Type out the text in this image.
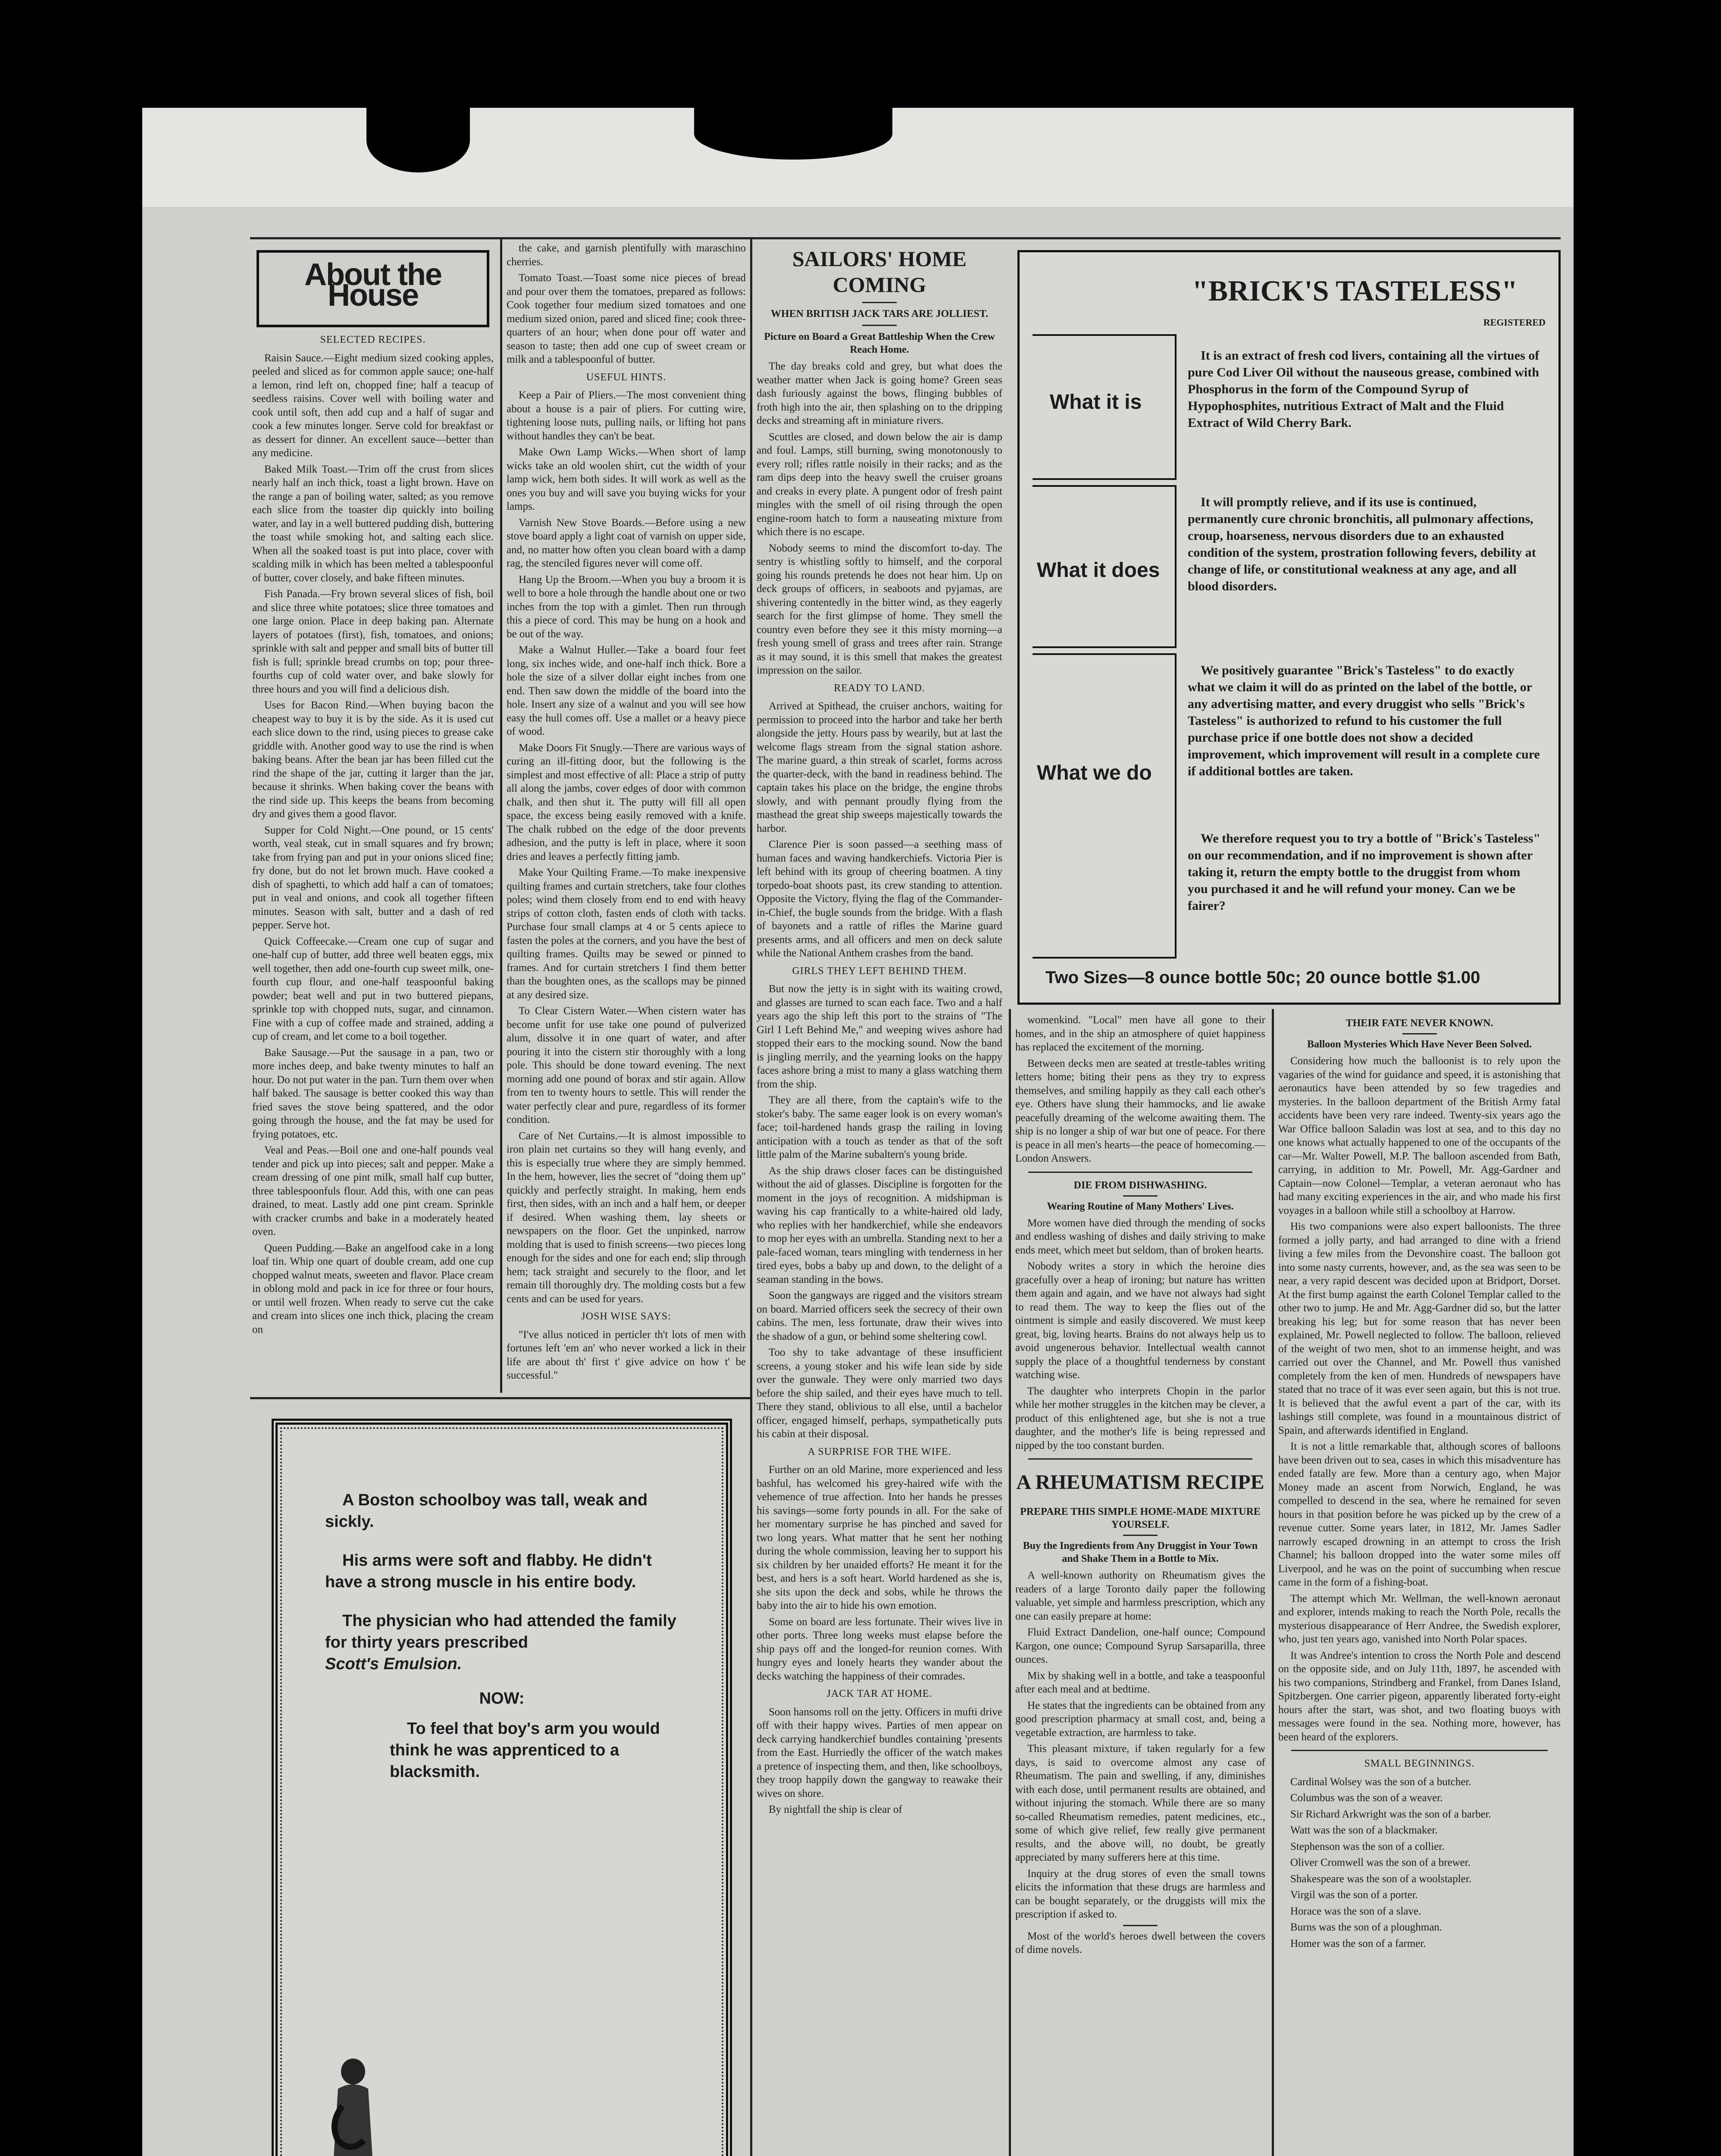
About the House
SELECTED RECIPES.

Raisin Sauce.—Eight medium sized cooking apples, peeled and sliced as for common apple sauce; one-half a lemon, rind left on, chopped fine; half a teacup of seedless raisins. Cover well with boiling water and cook until soft, then add cup and a half of sugar and cook a few minutes longer. Serve cold for breakfast or as dessert for dinner. An excellent sauce—better than any medicine.

Baked Milk Toast.—Trim off the crust from slices nearly half an inch thick, toast a light brown. Have on the range a pan of boiling water, salted; as you remove each slice from the toaster dip quickly into boiling water, and lay in a well buttered pudding dish, buttering the toast while smoking hot, and salting each slice. When all the soaked toast is put into place, cover with scalding milk in which has been melted a tablespoonful of butter, cover closely, and bake fifteen minutes.

Fish Panada.—Fry brown several slices of fish, boil and slice three white potatoes; slice three tomatoes and one large onion. Place in deep baking pan. Alternate layers of potatoes (first), fish, tomatoes, and onions; sprinkle with salt and pepper and small bits of butter till fish is full; sprinkle bread crumbs on top; pour three-fourths cup of cold water over, and bake slowly for three hours and you will find a delicious dish.

Uses for Bacon Rind.—When buying bacon the cheapest way to buy it is by the side. As it is used cut each slice down to the rind, using pieces to grease cake griddle with. Another good way to use the rind is when baking beans. After the bean jar has been filled cut the rind the shape of the jar, cutting it larger than the jar, because it shrinks. When baking cover the beans with the rind side up. This keeps the beans from becoming dry and gives them a good flavor.

Supper for Cold Night.—One pound, or 15 cents' worth, veal steak, cut in small squares and fry brown; take from frying pan and put in your onions sliced fine; fry done, but do not let brown much. Have cooked a dish of spaghetti, to which add half a can of tomatoes; put in veal and onions, and cook all together fifteen minutes. Season with salt, butter and a dash of red pepper. Serve hot.

Quick Coffeecake.—Cream one cup of sugar and one-half cup of butter, add three well beaten eggs, mix well together, then add one-fourth cup sweet milk, one-fourth cup flour, and one-half teaspoonful baking powder; beat well and put in two buttered piepans, sprinkle top with chopped nuts, sugar, and cinnamon. Fine with a cup of coffee made and strained, adding a cup of cream, and let come to a boil together.

Bake Sausage.—Put the sausage in a pan, two or more inches deep, and bake twenty minutes to half an hour. Do not put water in the pan. Turn them over when half baked. The sausage is better cooked this way than fried saves the stove being spattered, and the odor going through the house, and the fat may be used for frying potatoes, etc.

Veal and Peas.—Boil one and one-half pounds veal tender and pick up into pieces; salt and pepper. Make a cream dressing of one pint milk, small half cup butter, three tablespoonfuls flour. Add this, with one can peas drained, to meat. Lastly add one pint cream. Sprinkle with cracker crumbs and bake in a moderately heated oven.

Queen Pudding.—Bake an angelfood cake in a long loaf tin. Whip one quart of double cream, add one cup chopped walnut meats, sweeten and flavor. Place cream in oblong mold and pack in ice for three or four hours, or until well frozen. When ready to serve cut the cake and cream into slices one inch thick, placing the cream on

the cake, and garnish plentifully with maraschino cherries.

Tomato Toast.—Toast some nice pieces of bread and pour over them the tomatoes, prepared as follows: Cook together four medium sized tomatoes and one medium sized onion, pared and sliced fine; cook three-quarters of an hour; when done pour off water and season to taste; then add one cup of sweet cream or milk and a tablespoonful of butter.

USEFUL HINTS.

Keep a Pair of Pliers.—The most convenient thing about a house is a pair of pliers. For cutting wire, tightening loose nuts, pulling nails, or lifting hot pans without handles they can't be beat.

Make Own Lamp Wicks.—When short of lamp wicks take an old woolen shirt, cut the width of your lamp wick, hem both sides. It will work as well as the ones you buy and will save you buying wicks for your lamps.

Varnish New Stove Boards.—Before using a new stove board apply a light coat of varnish on upper side, and, no matter how often you clean board with a damp rag, the stenciled figures never will come off.

Hang Up the Broom.—When you buy a broom it is well to bore a hole through the handle about one or two inches from the top with a gimlet. Then run through this a piece of cord. This may be hung on a hook and be out of the way.

Make a Walnut Huller.—Take a board four feet long, six inches wide, and one-half inch thick. Bore a hole the size of a silver dollar eight inches from one end. Then saw down the middle of the board into the hole. Insert any size of a walnut and you will see how easy the hull comes off. Use a mallet or a heavy piece of wood.

Make Doors Fit Snugly.—There are various ways of curing an ill-fitting door, but the following is the simplest and most effective of all: Place a strip of putty all along the jambs, cover edges of door with common chalk, and then shut it. The putty will fill all open space, the excess being easily removed with a knife. The chalk rubbed on the edge of the door prevents adhesion, and the putty is left in place, where it soon dries and leaves a perfectly fitting jamb.

Make Your Quilting Frame.—To make inexpensive quilting frames and curtain stretchers, take four clothes poles; wind them closely from end to end with heavy strips of cotton cloth, fasten ends of cloth with tacks. Purchase four small clamps at 4 or 5 cents apiece to fasten the poles at the corners, and you have the best of quilting frames. Quilts may be sewed or pinned to frames. And for curtain stretchers I find them better than the boughten ones, as the scallops may be pinned at any desired size.

To Clear Cistern Water.—When cistern water has become unfit for use take one pound of pulverized alum, dissolve it in one quart of water, and after pouring it into the cistern stir thoroughly with a long pole. This should be done toward evening. The next morning add one pound of borax and stir again. Allow from ten to twenty hours to settle. This will render the water perfectly clear and pure, regardless of its former condition.

Care of Net Curtains.—It is almost impossible to iron plain net curtains so they will hang evenly, and this is especially true where they are simply hemmed. In the hem, however, lies the secret of "doing them up" quickly and perfectly straight. In making, hem ends first, then sides, with an inch and a half hem, or deeper if desired. When washing them, lay sheets or newspapers on the floor. Get the unpinked, narrow molding that is used to finish screens—two pieces long enough for the sides and one for each end; slip through hem; tack straight and securely to the floor, and let remain till thoroughly dry. The molding costs but a few cents and can be used for years.

JOSH WISE SAYS:

"I've allus noticed in perticler th't lots of men with fortunes left 'em an' who never worked a lick in their life are about th' first t' give advice on how t' be successful."

A Boston schoolboy was tall, weak and sickly.

His arms were soft and flabby. He didn't have a strong muscle in his entire body.

The physician who had attended the family for thirty years prescribed

Scott's Emulsion.

NOW:

To feel that boy's arm you would think he was apprenticed to a blacksmith.

SAILORS' HOME COMING
WHEN BRITISH JACK TARS ARE JOLLIEST.
Picture on Board a Great Battleship When the Crew Reach Home.

The day breaks cold and grey, but what does the weather matter when Jack is going home? Green seas dash furiously against the bows, flinging bubbles of froth high into the air, then splashing on to the dripping decks and streaming aft in miniature rivers.

Scuttles are closed, and down below the air is damp and foul. Lamps, still burning, swing monotonously to every roll; rifles rattle noisily in their racks; and as the ram dips deep into the heavy swell the cruiser groans and creaks in every plate. A pungent odor of fresh paint mingles with the smell of oil rising through the open engine-room hatch to form a nauseating mixture from which there is no escape.

Nobody seems to mind the discomfort to-day. The sentry is whistling softly to himself, and the corporal going his rounds pretends he does not hear him. Up on deck groups of officers, in seaboots and pyjamas, are shivering contentedly in the bitter wind, as they eagerly search for the first glimpse of home. They smell the country even before they see it this misty morning—a fresh young smell of grass and trees after rain. Strange as it may sound, it is this smell that makes the greatest impression on the sailor.

READY TO LAND.

Arrived at Spithead, the cruiser anchors, waiting for permission to proceed into the harbor and take her berth alongside the jetty. Hours pass by wearily, but at last the welcome flags stream from the signal station ashore. The marine guard, a thin streak of scarlet, forms across the quarter-deck, with the band in readiness behind. The captain takes his place on the bridge, the engine throbs slowly, and with pennant proudly flying from the masthead the great ship sweeps majestically towards the harbor.

Clarence Pier is soon passed—a seething mass of human faces and waving handkerchiefs. Victoria Pier is left behind with its group of cheering boatmen. A tiny torpedo-boat shoots past, its crew standing to attention. Opposite the Victory, flying the flag of the Commander-in-Chief, the bugle sounds from the bridge. With a flash of bayonets and a rattle of rifles the Marine guard presents arms, and all officers and men on deck salute while the National Anthem crashes from the band.

GIRLS THEY LEFT BEHIND THEM.

But now the jetty is in sight with its waiting crowd, and glasses are turned to scan each face. Two and a half years ago the ship left this port to the strains of "The Girl I Left Behind Me," and weeping wives ashore had stopped their ears to the mocking sound. Now the band is jingling merrily, and the yearning looks on the happy faces ashore bring a mist to many a glass watching them from the ship.

They are all there, from the captain's wife to the stoker's baby. The same eager look is on every woman's face; toil-hardened hands grasp the railing in loving anticipation with a touch as tender as that of the soft little palm of the Marine subaltern's young bride.

As the ship draws closer faces can be distinguished without the aid of glasses. Discipline is forgotten for the moment in the joys of recognition. A midshipman is waving his cap frantically to a white-haired old lady, who replies with her handkerchief, while she endeavors to mop her eyes with an umbrella. Standing next to her a pale-faced woman, tears mingling with tenderness in her tired eyes, bobs a baby up and down, to the delight of a seaman standing in the bows.

Soon the gangways are rigged and the visitors stream on board. Married officers seek the secrecy of their own cabins. The men, less fortunate, draw their wives into the shadow of a gun, or behind some sheltering cowl.

Too shy to take advantage of these insufficient screens, a young stoker and his wife lean side by side over the gunwale. They were only married two days before the ship sailed, and their eyes have much to tell. There they stand, oblivious to all else, until a bachelor officer, engaged himself, perhaps, sympathetically puts his cabin at their disposal.

A SURPRISE FOR THE WIFE.

Further on an old Marine, more experienced and less bashful, has welcomed his grey-haired wife with the vehemence of true affection. Into her hands he presses his savings—some forty pounds in all. For the sake of her momentary surprise he has pinched and saved for two long years. What matter that he sent her nothing during the whole commission, leaving her to support his six children by her unaided efforts? He meant it for the best, and hers is a soft heart. World hardened as she is, she sits upon the deck and sobs, while he throws the baby into the air to hide his own emotion.

Some on board are less fortunate. Their wives live in other ports. Three long weeks must elapse before the ship pays off and the longed-for reunion comes. With hungry eyes and lonely hearts they wander about the decks watching the happiness of their comrades.

JACK TAR AT HOME.

Soon hansoms roll on the jetty. Officers in mufti drive off with their happy wives. Parties of men appear on deck carrying handkerchief bundles containing 'presents from the East. Hurriedly the officer of the watch makes a pretence of inspecting them, and then, like schoolboys, they troop happily down the gangway to reawake their wives on shore.

By nightfall the ship is clear of

"BRICK'S TASTELESS"
REGISTERED
What it is
It is an extract of fresh cod livers, containing all the virtues of pure Cod Liver Oil without the nauseous grease, combined with Phosphorus in the form of the Compound Syrup of Hypophosphites, nutritious Extract of Malt and the Fluid Extract of Wild Cherry Bark.
What it does
It will promptly relieve, and if its use is continued, permanently cure chronic bronchitis, all pulmonary affections, croup, hoarseness, nervous disorders due to an exhausted condition of the system, prostration following fevers, debility at change of life, or constitutional weakness at any age, and all blood disorders.
What we do
We positively guarantee "Brick's Tasteless" to do exactly what we claim it will do as printed on the label of the bottle, or any advertising matter, and every druggist who sells "Brick's Tasteless" is authorized to refund to his customer the full purchase price if one bottle does not show a decided improvement, which improvement will result in a complete cure if additional bottles are taken.
We therefore request you to try a bottle of "Brick's Tasteless" on our recommendation, and if no improvement is shown after taking it, return the empty bottle to the druggist from whom you purchased it and he will refund your money. Can we be fairer?
Two Sizes—8 ounce bottle 50c; 20 ounce bottle $1.00

womenkind. "Local" men have all gone to their homes, and in the ship an atmosphere of quiet happiness has replaced the excitement of the morning.

Between decks men are seated at trestle-tables writing letters home; biting their pens as they try to express themselves, and smiling happily as they call each other's eye. Others have slung their hammocks, and lie awake peacefully dreaming of the welcome awaiting them. The ship is no longer a ship of war but one of peace. For there is peace in all men's hearts—the peace of homecoming.—London Answers.

DIE FROM DISHWASHING.
Wearing Routine of Many Mothers' Lives.

More women have died through the mending of socks and endless washing of dishes and daily striving to make ends meet, which meet but seldom, than of broken hearts.

Nobody writes a story in which the heroine dies gracefully over a heap of ironing; but nature has written them again and again, and we have not always had sight to read them. The way to keep the flies out of the ointment is simple and easily discovered. We must keep great, big, loving hearts. Brains do not always help us to avoid ungenerous behavior. Intellectual wealth cannot supply the place of a thoughtful tenderness by constant watching wise.

The daughter who interprets Chopin in the parlor while her mother struggles in the kitchen may be clever, a product of this enlightened age, but she is not a true daughter, and the mother's life is being repressed and nipped by the too constant burden.

A RHEUMATISM RECIPE
PREPARE THIS SIMPLE HOME-MADE MIXTURE YOURSELF.
Buy the Ingredients from Any Druggist in Your Town and Shake Them in a Bottle to Mix.

A well-known authority on Rheumatism gives the readers of a large Toronto daily paper the following valuable, yet simple and harmless prescription, which any one can easily prepare at home:

Fluid Extract Dandelion, one-half ounce; Compound Kargon, one ounce; Compound Syrup Sarsaparilla, three ounces.

Mix by shaking well in a bottle, and take a teaspoonful after each meal and at bedtime.

He states that the ingredients can be obtained from any good prescription pharmacy at small cost, and, being a vegetable extraction, are harmless to take.

This pleasant mixture, if taken regularly for a few days, is said to overcome almost any case of Rheumatism. The pain and swelling, if any, diminishes with each dose, until permanent results are obtained, and without injuring the stomach. While there are so many so-called Rheumatism remedies, patent medicines, etc., some of which give relief, few really give permanent results, and the above will, no doubt, be greatly appreciated by many sufferers here at this time.

Inquiry at the drug stores of even the small towns elicits the information that these drugs are harmless and can be bought separately, or the druggists will mix the prescription if asked to.

Most of the world's heroes dwell between the covers of dime novels.

THEIR FATE NEVER KNOWN.
Balloon Mysteries Which Have Never Been Solved.

Considering how much the balloonist is to rely upon the vagaries of the wind for guidance and speed, it is astonishing that aeronautics have been attended by so few tragedies and mysteries. In the balloon department of the British Army fatal accidents have been very rare indeed. Twenty-six years ago the War Office balloon Saladin was lost at sea, and to this day no one knows what actually happened to one of the occupants of the car—Mr. Walter Powell, M.P. The balloon ascended from Bath, carrying, in addition to Mr. Powell, Mr. Agg-Gardner and Captain—now Colonel—Templar, a veteran aeronaut who has had many exciting experiences in the air, and who made his first voyages in a balloon while still a schoolboy at Harrow.

His two companions were also expert balloonists. The three formed a jolly party, and had arranged to dine with a friend living a few miles from the Devonshire coast. The balloon got into some nasty currents, however, and, as the sea was seen to be near, a very rapid descent was decided upon at Bridport, Dorset. At the first bump against the earth Colonel Templar called to the other two to jump. He and Mr. Agg-Gardner did so, but the latter breaking his leg; but for some reason that has never been explained, Mr. Powell neglected to follow. The balloon, relieved of the weight of two men, shot to an immense height, and was carried out over the Channel, and Mr. Powell thus vanished completely from the ken of men. Hundreds of newspapers have stated that no trace of it was ever seen again, but this is not true. It is believed that the awful event a part of the car, with its lashings still complete, was found in a mountainous district of Spain, and afterwards identified in England.

It is not a little remarkable that, although scores of balloons have been driven out to sea, cases in which this misadventure has ended fatally are few. More than a century ago, when Major Money made an ascent from Norwich, England, he was compelled to descend in the sea, where he remained for seven hours in that position before he was picked up by the crew of a revenue cutter. Some years later, in 1812, Mr. James Sadler narrowly escaped drowning in an attempt to cross the Irish Channel; his balloon dropped into the water some miles off Liverpool, and he was on the point of succumbing when rescue came in the form of a fishing-boat.

The attempt which Mr. Wellman, the well-known aeronaut and explorer, intends making to reach the North Pole, recalls the mysterious disappearance of Herr Andree, the Swedish explorer, who, just ten years ago, vanished into North Polar spaces.

It was Andree's intention to cross the North Pole and descend on the opposite side, and on July 11th, 1897, he ascended with his two companions, Strindberg and Frankel, from Danes Island, Spitzbergen. One carrier pigeon, apparently liberated forty-eight hours after the start, was shot, and two floating buoys with messages were found in the sea. Nothing more, however, has been heard of the explorers.

SMALL BEGINNINGS.

Cardinal Wolsey was the son of a butcher.

Columbus was the son of a weaver.

Sir Richard Arkwright was the son of a barber.

Watt was the son of a blackmaker.

Stephenson was the son of a collier.

Oliver Cromwell was the son of a brewer.

Shakespeare was the son of a woolstapler.

Virgil was the son of a porter.

Horace was the son of a slave.

Burns was the son of a ploughman.

Homer was the son of a farmer.
